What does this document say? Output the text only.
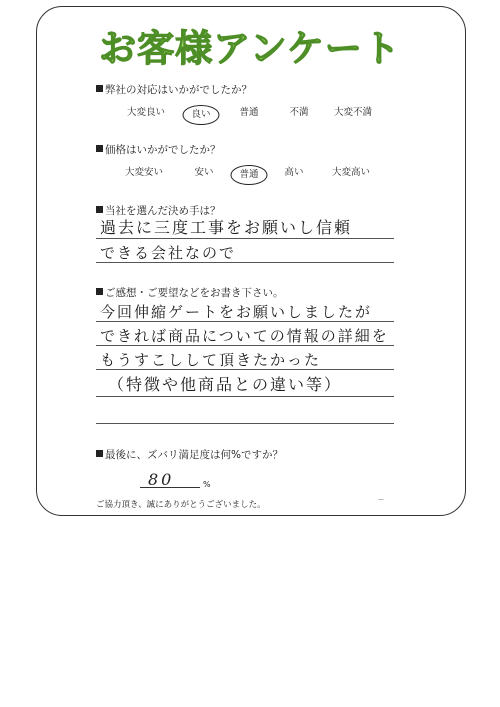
お客様アンケート
弊社の対応はいかがでしたか？
大変良い	良い	普通	不満	大変不満
価格はいかがでしたか？
大変安い	安い	普通	高い	大変高い
当社を選んだ決め手は？
過去に三度工事をお願いし信頼
できる会社なので
ご感想・ご要望などをお書き下さい。
今回伸縮ゲートをお願いしましたが
できれば商品についての情報の詳細を
もうすこしして頂きたかった
（特徴や他商品との違い等）
最後に、ズバリ満足度は何%ですか？
80	%
ご協力頂き、誠にありがとうございました。
—
